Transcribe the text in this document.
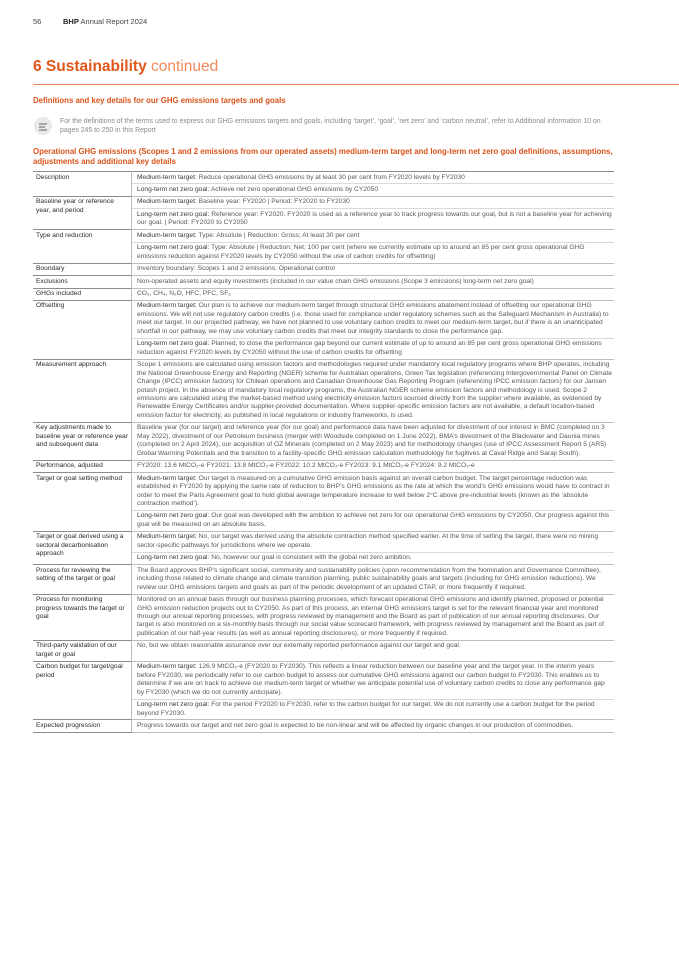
56	BHP Annual Report 2024
6 Sustainability continued
Definitions and key details for our GHG emissions targets and goals
For the definitions of the terms used to express our GHG emissions targets and goals, including ‘target’, ‘goal’, ‘net zero’ and ‘carbon neutral’, refer to Additional information 10 on pages 245 to 250 in this Report
Operational GHG emissions (Scopes 1 and 2 emissions from our operated assets) medium-term target and long-term net zero goal definitions, assumptions, adjustments and additional key details
Description	Medium-term target: Reduce operational GHG emissions by at least 30 per cent from FY2020 levels by FY2030
	Long-term net zero goal: Achieve net zero operational GHG emissions by CY2050
Baseline year or reference year, and period	Medium-term target: Baseline year: FY2020 | Period: FY2020 to FY2030
	Long-term net zero goal: Reference year: FY2020. FY2020 is used as a reference year to track progress towards our goal, but is not a baseline year for achieving our goal. | Period: FY2020 to CY2050
Type and reduction	Medium-term target: Type: Absolute | Reduction: Gross; At least 30 per cent
	Long-term net zero goal: Type: Absolute | Reduction: Net; 100 per cent (where we currently estimate up to around an 85 per cent gross operational GHG emissions reduction against FY2020 levels by CY2050 without the use of carbon credits for offsetting)
Boundary	Inventory boundary: Scopes 1 and 2 emissions: Operational control
Exclusions	Non-operated assets and equity investments (included in our value chain GHG emissions (Scope 3 emissions) long-term net zero goal)
GHGs included	CO₂, CH₄, N₂O, HFC, PFC, SF₆
Offsetting	Medium-term target: Our plan is to achieve our medium-term target through structural GHG emissions abatement instead of offsetting our operational GHG emissions. We will not use regulatory carbon credits (i.e. those used for compliance under regulatory schemes such as the Safeguard Mechanism in Australia) to meet our target. In our projected pathway, we have not planned to use voluntary carbon credits to meet our medium-term target, but if there is an unanticipated shortfall in our pathway, we may use voluntary carbon credits that meet our integrity standards to close the performance gap.
	Long-term net zero goal: Planned, to close the performance gap beyond our current estimate of up to around an 85 per cent gross operational GHG emissions reduction against FY2020 levels by CY2050 without the use of carbon credits for offsetting
Measurement approach	Scope 1 emissions are calculated using emission factors and methodologies required under mandatory local regulatory programs where BHP operates, including the National Greenhouse Energy and Reporting (NGER) scheme for Australian operations, Green Tax legislation (referencing Intergovernmental Panel on Climate Change (IPCC) emission factors) for Chilean operations and Canadian Greenhouse Gas Reporting Program (referencing IPCC emission factors) for our Jansen potash project. In the absence of mandatory local regulatory programs, the Australian NGER scheme emission factors and methodology is used. Scope 2 emissions are calculated using the market-based method using electricity emission factors sourced directly from the supplier where available, as evidenced by Renewable Energy Certificates and/or supplier-provided documentation. Where supplier-specific emission factors are not available, a default location-based emission factor for electricity, as published in local regulations or industry frameworks, is used.
Key adjustments made to baseline year or reference year and subsequent data	Baseline year (for our target) and reference year (for our goal) and performance data have been adjusted for divestment of our interest in BMC (completed on 3 May 2022), divestment of our Petroleum business (merger with Woodside completed on 1 June 2022), BMA’s divestment of the Blackwater and Daunia mines (completed on 2 April 2024), our acquisition of OZ Minerals (completed on 2 May 2023) and for methodology changes (use of IPCC Assessment Report 5 (AR5) Global Warming Potentials and the transition to a facility-specific GHG emission calculation methodology for fugitives at Caval Ridge and Saraji South).
Performance, adjusted	FY2020: 13.6 MtCO₂-e FY2021: 13.8 MtCO₂-e FY2022: 10.2 MtCO₂-e FY2023: 9.1 MtCO₂-e FY2024: 9.2 MtCO₂-e
Target or goal setting method	Medium-term target: Our target is measured on a cumulative GHG emission basis against an overall carbon budget. The target percentage reduction was established in FY2020 by applying the same rate of reduction to BHP’s GHG emissions as the rate at which the world’s GHG emissions would have to contract in order to meet the Paris Agreement goal to hold global average temperature increase to well below 2°C above pre-industrial levels (known as the ‘absolute contraction method’).
	Long-term net zero goal: Our goal was developed with the ambition to achieve net zero for our operational GHG emissions by CY2050. Our progress against this goal will be measured on an absolute basis.
Target or goal derived using a sectoral decarbonisation approach	Medium-term target: No, our target was derived using the absolute contraction method specified earlier. At the time of setting the target, there were no mining sector-specific pathways for jurisdictions where we operate.
	Long-term net zero goal: No, however our goal is consistent with the global net zero ambition.
Process for reviewing the setting of the target or goal	The Board approves BHP’s significant social, community and sustainability policies (upon recommendation from the Nomination and Governance Committee), including those related to climate change and climate transition planning, public sustainability goals and targets (including for GHG emission reductions). We review our GHG emissions targets and goals as part of the periodic development of an updated CTAP, or more frequently if required.
Process for monitoring progress towards the target or goal	Monitored on an annual basis through our business planning processes, which forecast operational GHG emissions and identify planned, proposed or potential GHG emission reduction projects out to CY2050. As part of this process, an internal GHG emissions target is set for the relevant financial year and monitored through our annual reporting processes, with progress reviewed by management and the Board as part of publication of our annual reporting disclosures. Our target is also monitored on a six-monthly basis through our social value scorecard framework, with progress reviewed by management and the Board as part of publication of our half-year results (as well as annual reporting disclosures), or more frequently if required.
Third-party validation of our target or goal	No, but we obtain reasonable assurance over our externally reported performance against our target and goal.
Carbon budget for target/goal period	Medium-term target: 126.9 MtCO₂-e (FY2020 to FY2030). This reflects a linear reduction between our baseline year and the target year. In the interim years before FY2030, we periodically refer to our carbon budget to assess our cumulative GHG emissions against our carbon budget to FY2030. This enables us to determine if we are on track to achieve our medium-term target or whether we anticipate potential use of voluntary carbon credits to close any performance gap by FY2030 (which we do not currently anticipate).
	Long-term net zero goal: For the period FY2020 to FY2030, refer to the carbon budget for our target. We do not currently use a carbon budget for the period beyond FY2030.
Expected progression	Progress towards our target and net zero goal is expected to be non-linear and will be affected by organic changes in our production of commodities.
